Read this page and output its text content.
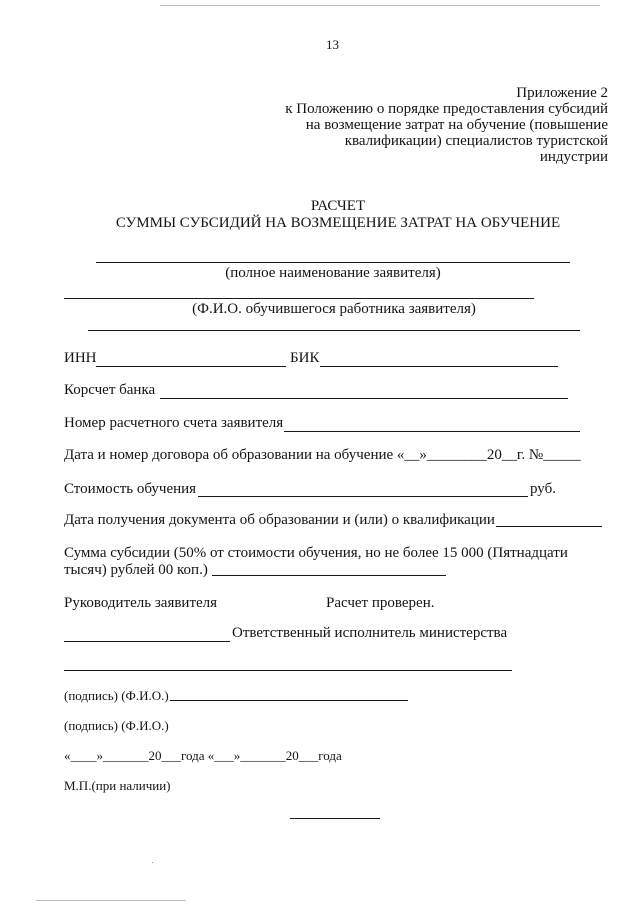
13
Приложение 2
к Положению о порядке предоставления субсидий
на возмещение затрат на обучение (повышение
квалификации) специалистов туристской
индустрии
РАСЧЕТ
СУММЫ СУБСИДИЙ НА ВОЗМЕЩЕНИЕ ЗАТРАТ НА ОБУЧЕНИЕ
(полное наименование заявителя)
(Ф.И.О. обучившегося работника заявителя)
ИНН	БИК
Корсчет банка
Номер расчетного счета заявителя
Дата и номер договора об образовании на обучение «__»________20__г. №_____
Стоимость обучения	руб.
Дата получения документа об образовании и (или) о квалификации
Сумма субсидии (50% от стоимости обучения, но не более 15 000 (Пятнадцати
тысяч) рублей 00 коп.)
Руководитель заявителя	Расчет проверен.
Ответственный исполнитель министерства
(подпись) (Ф.И.О.)
(подпись) (Ф.И.О.)
«____»_______20___года «___»_______20___года
М.П.(при наличии)
